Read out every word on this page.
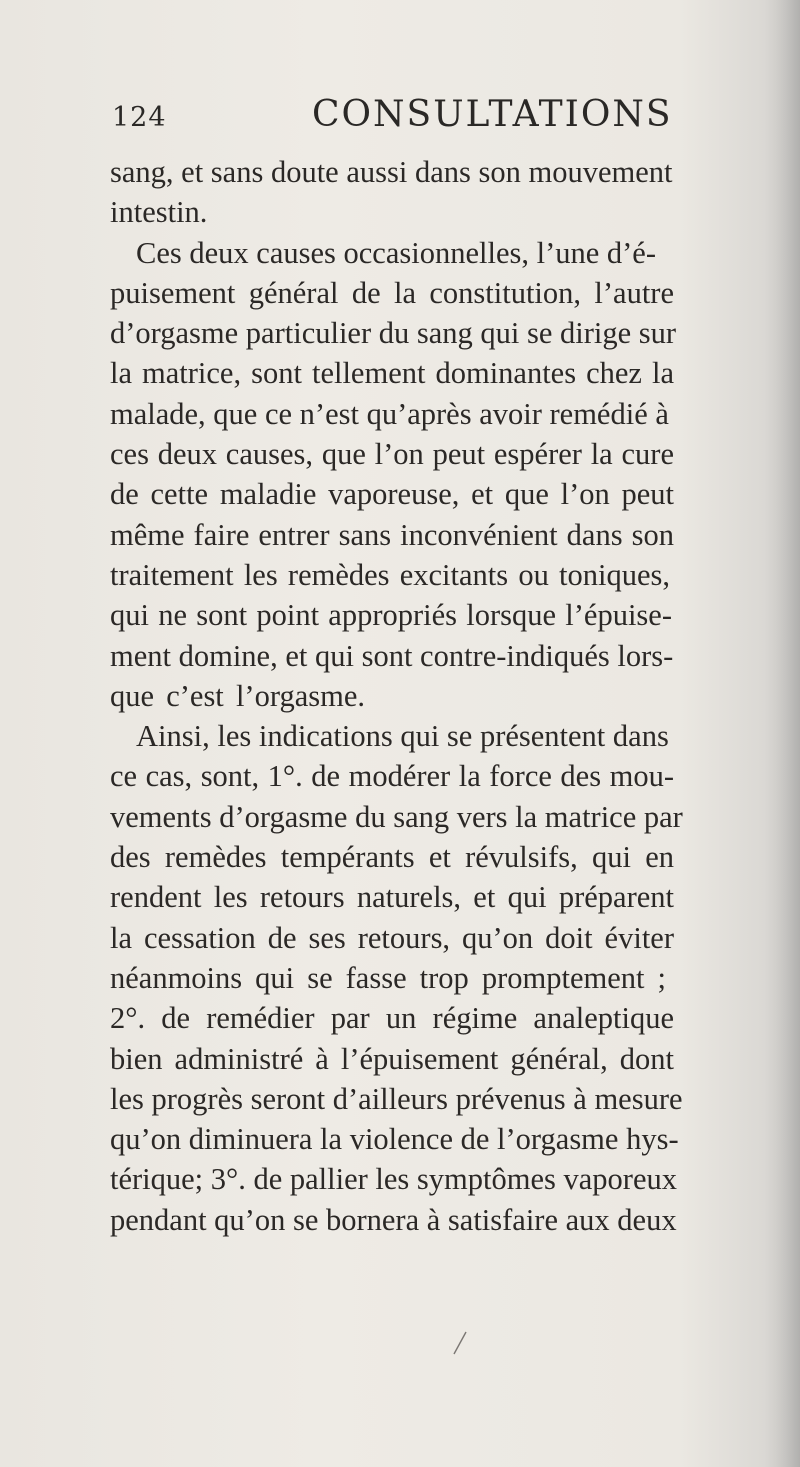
124	CONSULTATIONS
sang, et sans doute aussi dans son mouvement
intestin.
Ces deux causes occasionnelles, l’une d’é-
puisement général de la constitution, l’autre
d’orgasme particulier du sang qui se dirige sur
la matrice, sont tellement dominantes chez la
malade, que ce n’est qu’après avoir remédié à
ces deux causes, que l’on peut espérer la cure
de cette maladie vaporeuse, et que l’on peut
même faire entrer sans inconvénient dans son
traitement les remèdes excitants ou toniques,
qui ne sont point appropriés lorsque l’épuise-
ment domine, et qui sont contre-indiqués lors-
que c’est l’orgasme.
Ainsi, les indications qui se présentent dans
ce cas, sont, 1°. de modérer la force des mou-
vements d’orgasme du sang vers la matrice par
des remèdes tempérants et révulsifs, qui en
rendent les retours naturels, et qui préparent
la cessation de ses retours, qu’on doit éviter
néanmoins qui se fasse trop promptement ;
2°. de remédier par un régime analeptique
bien administré à l’épuisement général, dont
les progrès seront d’ailleurs prévenus à mesure
qu’on diminuera la violence de l’orgasme hys-
térique; 3°. de pallier les symptômes vaporeux
pendant qu’on se bornera à satisfaire aux deux
